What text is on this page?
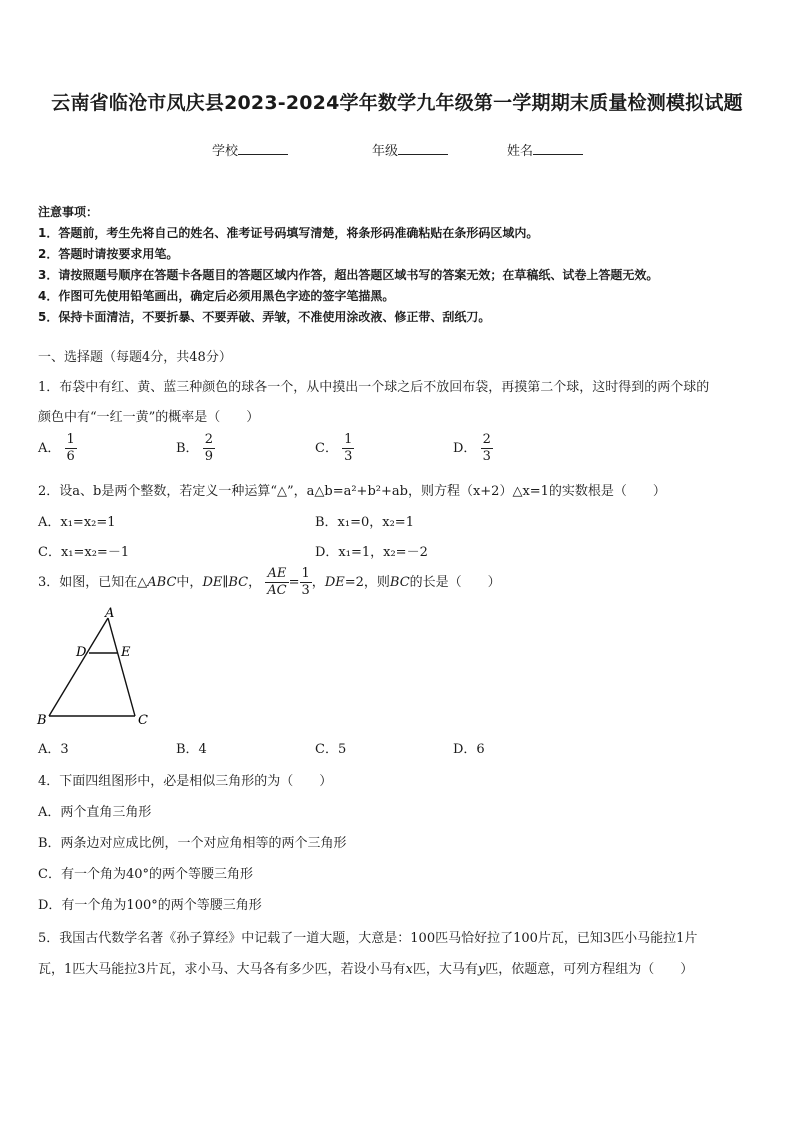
云南省临沧市凤庆县2023-2024学年数学九年级第一学期期末质量检测模拟试题
学校	年级	姓名
注意事项：
1．答题前，考生先将自己的姓名、准考证号码填写清楚，将条形码准确粘贴在条形码区域内。
2．答题时请按要求用笔。
3．请按照题号顺序在答题卡各题目的答题区域内作答，超出答题区域书写的答案无效；在草稿纸、试卷上答题无效。
4．作图可先使用铅笔画出，确定后必须用黑色字迹的签字笔描黑。
5．保持卡面清洁，不要折暴、不要弄破、弄皱，不准使用涂改液、修正带、刮纸刀。
一、选择题（每题4分，共48分）
1．布袋中有红、黄、蓝三种颜色的球各一个，从中摸出一个球之后不放回布袋，再摸第二个球，这时得到的两个球的
颜色中有“一红一黄”的概率是（　　）
A． $\frac{1}{6}$	B． $\frac{2}{9}$	C． $\frac{1}{3}$	D． $\frac{2}{3}$
2．设a、b是两个整数，若定义一种运算“△”，a△b=a²+b²+ab，则方程（x+2）△x=1的实数根是（　　）
A．x₁=x₂=1	B．x₁=0，x₂=1
C．x₁=x₂=－1	D．x₁=1，x₂=－2
3．如图，已知在△ABC中，DE∥BC， $\frac{AE}{AC} = \frac{1}{3}$ ，DE=2，则BC的长是（　　）
A
D	E
B	C
A．3	B．4	C．5	D．6
4．下面四组图形中，必是相似三角形的为（　　）
A．两个直角三角形
B．两条边对应成比例，一个对应角相等的两个三角形
C．有一个角为40°的两个等腰三角形
D．有一个角为100°的两个等腰三角形
5．我国古代数学名著《孙子算经》中记载了一道大题，大意是：100匹马恰好拉了100片瓦，已知3匹小马能拉1片
瓦，1匹大马能拉3片瓦，求小马、大马各有多少匹，若设小马有x匹，大马有y匹，依题意，可列方程组为（　　）
